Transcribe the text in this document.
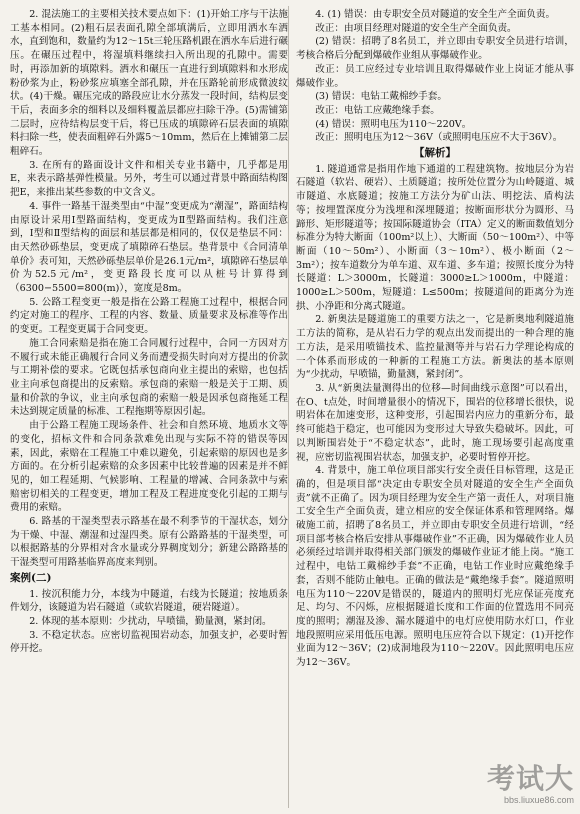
2. 混法施工的主要相关技术要点如下：(1)开始工序与干法施工基本相同。(2)粗石层表面孔隙全部填满后，立即用洒水车洒水，直到饱和，数量约为12～15t三轮压路机跟在洒水车后进行碾压。在碾压过程中，将湿填料继续扫入所出现的孔隙中。需要时，再添加新的填隙料。洒水和碾压一直进行到填隙料和水形成粉砂浆为止，粉砂浆应填塞全部孔隙，并在压路轮前形成微波纹状。(4)干燥。碾压完成的路段应让水分蒸发一段时间，结构层变干后，表面多余的细料以及细料覆盖层都应扫除干净。(5)需铺第二层时，应待结构层变干后，将已压成的填隙碎石层表面的填隙料扫除一些，使表面粗碎石外露5～10mm，然后在上摊铺第二层粗碎石。

3. 在所有的路面设计文件和相关专业书籍中，几乎都是用E，来表示路基弹性模量。另外，考生可以通过背景中路面结构图把E，来推出某些参数的中文含义。

4. 事件一路基干湿类型由“中湿”变更成为“潮湿”，路面结构由原设计采用Ⅰ型路面结构，变更成为Ⅱ型路面结构。我们注意到，Ⅰ型和Ⅱ型结构的面层和基层都是相同的，仅仅是垫层不同：由天然砂砾垫层，变更成了填隙碎石垫层。垫背景中《合同清单单价》表可知，天然砂砾垫层单价是26.1元/m²，填隙碎石垫层单价为52.5元/m²，变更路段长度可以从桩号计算得到（6300−5500=800(m)），宽度是8m。

5. 公路工程变更一般是指在公路工程施工过程中，根据合同约定对施工的程序、工程的内容、数量、质量要求及标准等作出的变更。工程变更属于合同变更。

施工合同索赔是指在施工合同履行过程中，合同一方因对方不履行或未能正确履行合同义务而遭受损失时向对方提出的价款与工期补偿的要求。它既包括承包商向业主提出的索赔，也包括业主向承包商提出的反索赔。承包商的索赔一般是关于工期、质量和价款的争议，业主向承包商的索赔一般是因承包商拖延工程未达到规定质量的标准、工程拖期等原因引起。

由于公路工程施工现场条件、社会和自然环境、地质水文等的变化，招标文件和合同条款难免出现与实际不符的错误等因素，因此，索赔在工程施工中难以避免，引起索赔的原因也是多方面的。在分析引起索赔的众多因素中比较普遍的因素是并不鲜见的，如工程延期、气候影响、工程量的增减、合同条款中与索赔密切相关的工程变更，增加工程及工程进度变化引起的工期与费用的索赔。

6. 路基的干湿类型表示路基在最不利季节的干湿状态，划分为干燥、中湿、潮湿和过湿四类。原有公路路基的干湿类型，可以根据路基的分界相对含水量或分界稠度划分；新建公路路基的干湿类型可用路基临界高度来判别。

案例(二)

1. 按沉积能力分，本线为中隧道，右线为长隧道；按地质条件划分，该隧道为岩石隧道（或软岩隧道，硬岩隧道）。

2. 体现的基本原则：少扰动，早喷锚，勤量测，紧封闭。

3. 不稳定状态。应密切监视围岩动态，加强支护，必要时暂停开挖。

4. (1) 错误：由专职安全员对隧道的安全生产全面负责。

改正：由项目经理对隧道的安全生产全面负责。

(2) 错误：招聘了8名员工，并立即由专职安全员进行培训，考核合格后分配到爆破作业组从事爆破作业。

改正：员工应经过专业培训且取得爆破作业上岗证才能从事爆破作业。

(3) 错误：电钻工戴棉纱手套。

改正：电钻工应戴绝缘手套。

(4) 错误：照明电压为110～220V。

改正：照明电压为12～36V（或照明电压应不大于36V）。

【解析】

1. 隧道通常是指用作地下通道的工程建筑物。按地层分为岩石隧道（软岩、硬岩）、土质隧道；按所处位置分为山岭隧道、城市隧道、水底隧道；按施工方法分为矿山法、明挖法、盾构法等；按埋置深度分为浅埋和深埋隧道；按断面形状分为圆形、马蹄形、矩形隧道等；按国际隧道协会（ITA）定义的断面数值划分标准分为特大断面（100m²以上）、大断面（50～100m²）、中等断面（10～50m²）、小断面（3～10m²）、极小断面（2～3m²）；按车道数分为单车道、双车道、多车道；按照长度分为特长隧道：L＞3000m，长隧道：3000≥L＞1000m，中隧道：1000≥L＞500m，短隧道：L≤500m；按隧道间的距离分为连拱、小净距和分离式隧道。

2. 新奥法是隧道施工的重要方法之一，它是新奥地利隧道施工方法的简称，是从岩石力学的观点出发而提出的一种合理的施工方法，是采用喷锚技术、监控量测等并与岩石力学理论构成的一个体系而形成的一种新的工程施工方法。新奥法的基本原则为“少扰动，早喷锚，勤量测，紧封闭”。

3. 从“新奥法量测得出的位移—时间曲线示意图”可以看出，在O、t点处，时间增量很小的情况下，围岩的位移增长很快，说明岩体在加速变形，这种变形，引起围岩内应力的重新分布，最终可能趋于稳定，也可能因为变形过大导致失稳破坏。因此，可以判断围岩处于“不稳定状态”，此时，施工现场要引起高度重视，应密切监视围岩状态，加强支护，必要时暂停开挖。

4. 背景中，施工单位项目部实行安全责任目标管理，这是正确的，但是项目部“决定由专职安全员对隧道的安全生产全面负责”就不正确了。因为项目经理为安全生产第一责任人，对项目施工安全生产全面负责，建立相应的安全保证体系和管理网络。爆破施工前，招聘了8名员工，并立即由专职安全员进行培训，“经项目部考核合格后安排从事爆破作业”不正确，因为爆破作业人员必须经过培训并取得相关部门颁发的爆破作业证才能上岗。“施工过程中，电钻工戴棉纱手套”不正确，电钻工作业时应戴绝缘手套，否则不能防止触电。正确的做法是“戴绝缘手套”。隧道照明电压为110～220V是错误的，隧道内的照明灯光应保证亮度充足、均匀、不闪烁，应根据隧道长度和工作面的位置选用不同亮度的照明；潮湿及渗、漏水隧道中的电灯应使用防水灯口，作业地段照明应采用低压电源。照明电压应符合以下规定：(1)开挖作业面为12～36V；(2)成洞地段为110～220V。因此照明电压应为12～36V。

考试大
bbs.liuxue86.com
